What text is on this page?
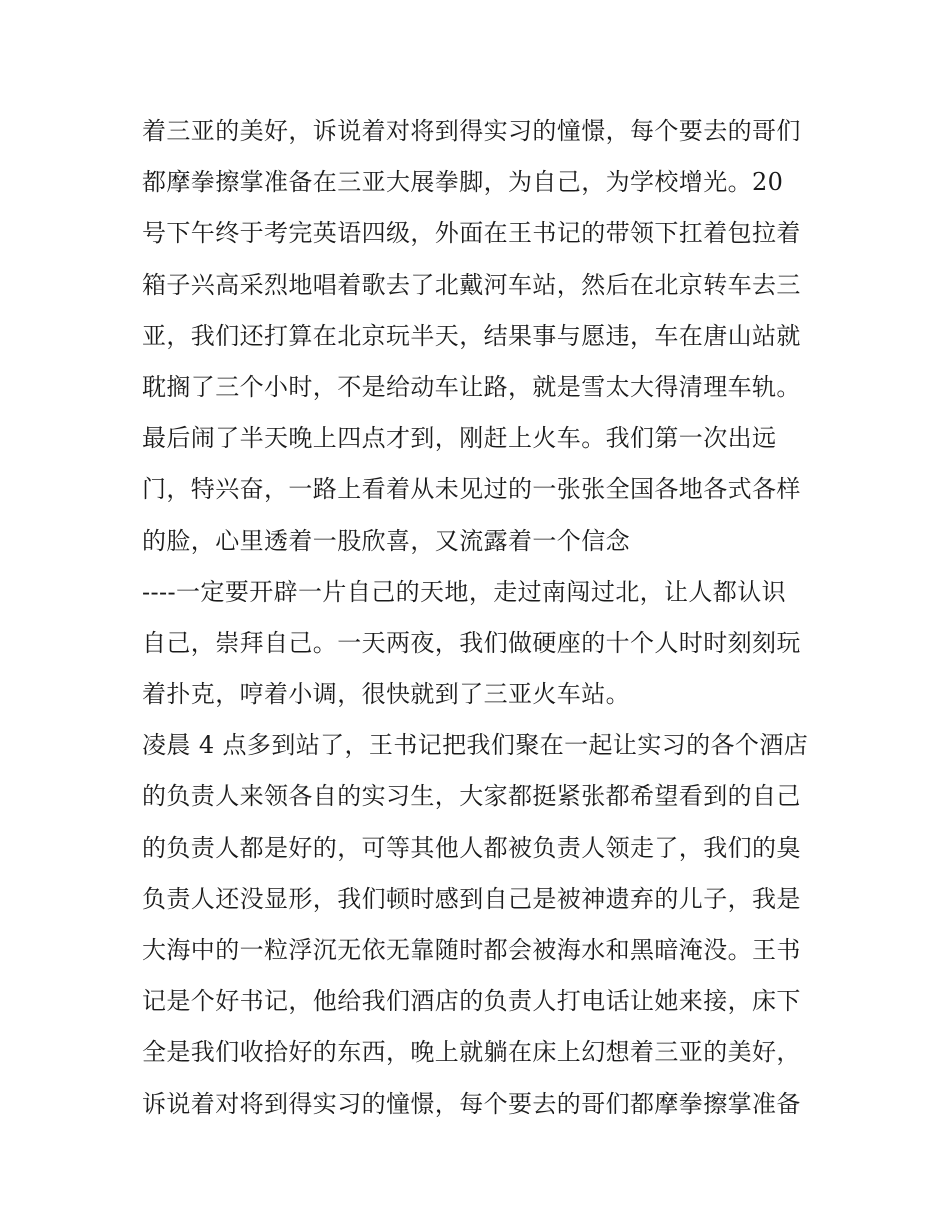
着三亚的美好，诉说着对将到得实习的憧憬，每个要去的哥们
都摩拳擦掌准备在三亚大展拳脚，为自己，为学校增光。20
号下午终于考完英语四级，外面在王书记的带领下扛着包拉着
箱子兴高采烈地唱着歌去了北戴河车站，然后在北京转车去三
亚，我们还打算在北京玩半天，结果事与愿违，车在唐山站就
耽搁了三个小时，不是给动车让路，就是雪太大得清理车轨。
最后闹了半天晚上四点才到，刚赶上火车。我们第一次出远
门，特兴奋，一路上看着从未见过的一张张全国各地各式各样
的脸，心里透着一股欣喜，又流露着一个信念
----一定要开辟一片自己的天地，走过南闯过北，让人都认识
自己，崇拜自己。一天两夜，我们做硬座的十个人时时刻刻玩
着扑克，哼着小调，很快就到了三亚火车站。
凌晨 4 点多到站了，王书记把我们聚在一起让实习的各个酒店
的负责人来领各自的实习生，大家都挺紧张都希望看到的自己
的负责人都是好的，可等其他人都被负责人领走了，我们的臭
负责人还没显形，我们顿时感到自己是被神遗弃的儿子，我是
大海中的一粒浮沉无依无靠随时都会被海水和黑暗淹没。王书
记是个好书记，他给我们酒店的负责人打电话让她来接，床下
全是我们收拾好的东西，晚上就躺在床上幻想着三亚的美好，
诉说着对将到得实习的憧憬，每个要去的哥们都摩拳擦掌准备
